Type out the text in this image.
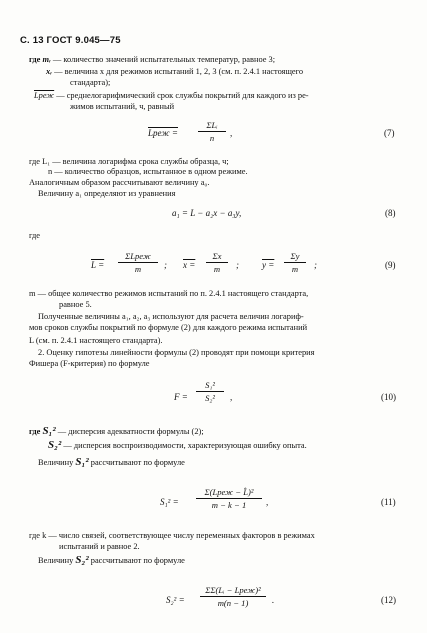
С. 13 ГОСТ 9.045—75
где mᵣ — количество значений испытательных температур, равное 3;
xᵣ — величина x для режимов испытаний 1, 2, 3 (см. п. 2.4.1 настоящего
стандарта);
Lреж — среднелогарифмический срок службы покрытий для каждого из ре-
жимов испытаний, ч, равный
Lреж =
ΣLᵢ
n	,	(7)
где L₁ — величина логарифма срока службы образца, ч;
n — количество образцов, испытанное в одном режиме.
Аналогичным образом рассчитывают величину a₀.
Величину a₁ определяют из уравнения
a₁ = L − a₂x − a₃y,	(8)
где
L =
ΣLреж
m	; x =
Σx
m	;	y =
Σy
m	;	(9)
m — общее количество режимов испытаний по п. 2.4.1 настоящего стандарта,
равное 5.
Полученные величины a₁, a₂, a₃ используют для расчета величин логариф-
мов сроков службы покрытий по формуле (2) для каждого режима испытаний
L (см. п. 2.4.1 настоящего стандарта).
2. Оценку гипотезы линейности формулы (2) проводят при помощи критерия
Фишера (F-критерия) по формуле
F =
S₁²
S₂²	,	(10)
где S₁² — дисперсия адекватности формулы (2);
S₂² — дисперсия воспроизводимости, характеризующая ошибку опыта.
Величину S₁² рассчитывают по формуле
S₁² =
Σ(Lреж − L̂)²
m − k − 1	,	(11)
где k — число связей, соответствующее числу переменных факторов в режимах
испытаний и равное 2.
Величину S₂² рассчитывают по формуле
S₂² =
ΣΣ(Lᵢ − Lреж)²
m(n − 1)	.	(12)
